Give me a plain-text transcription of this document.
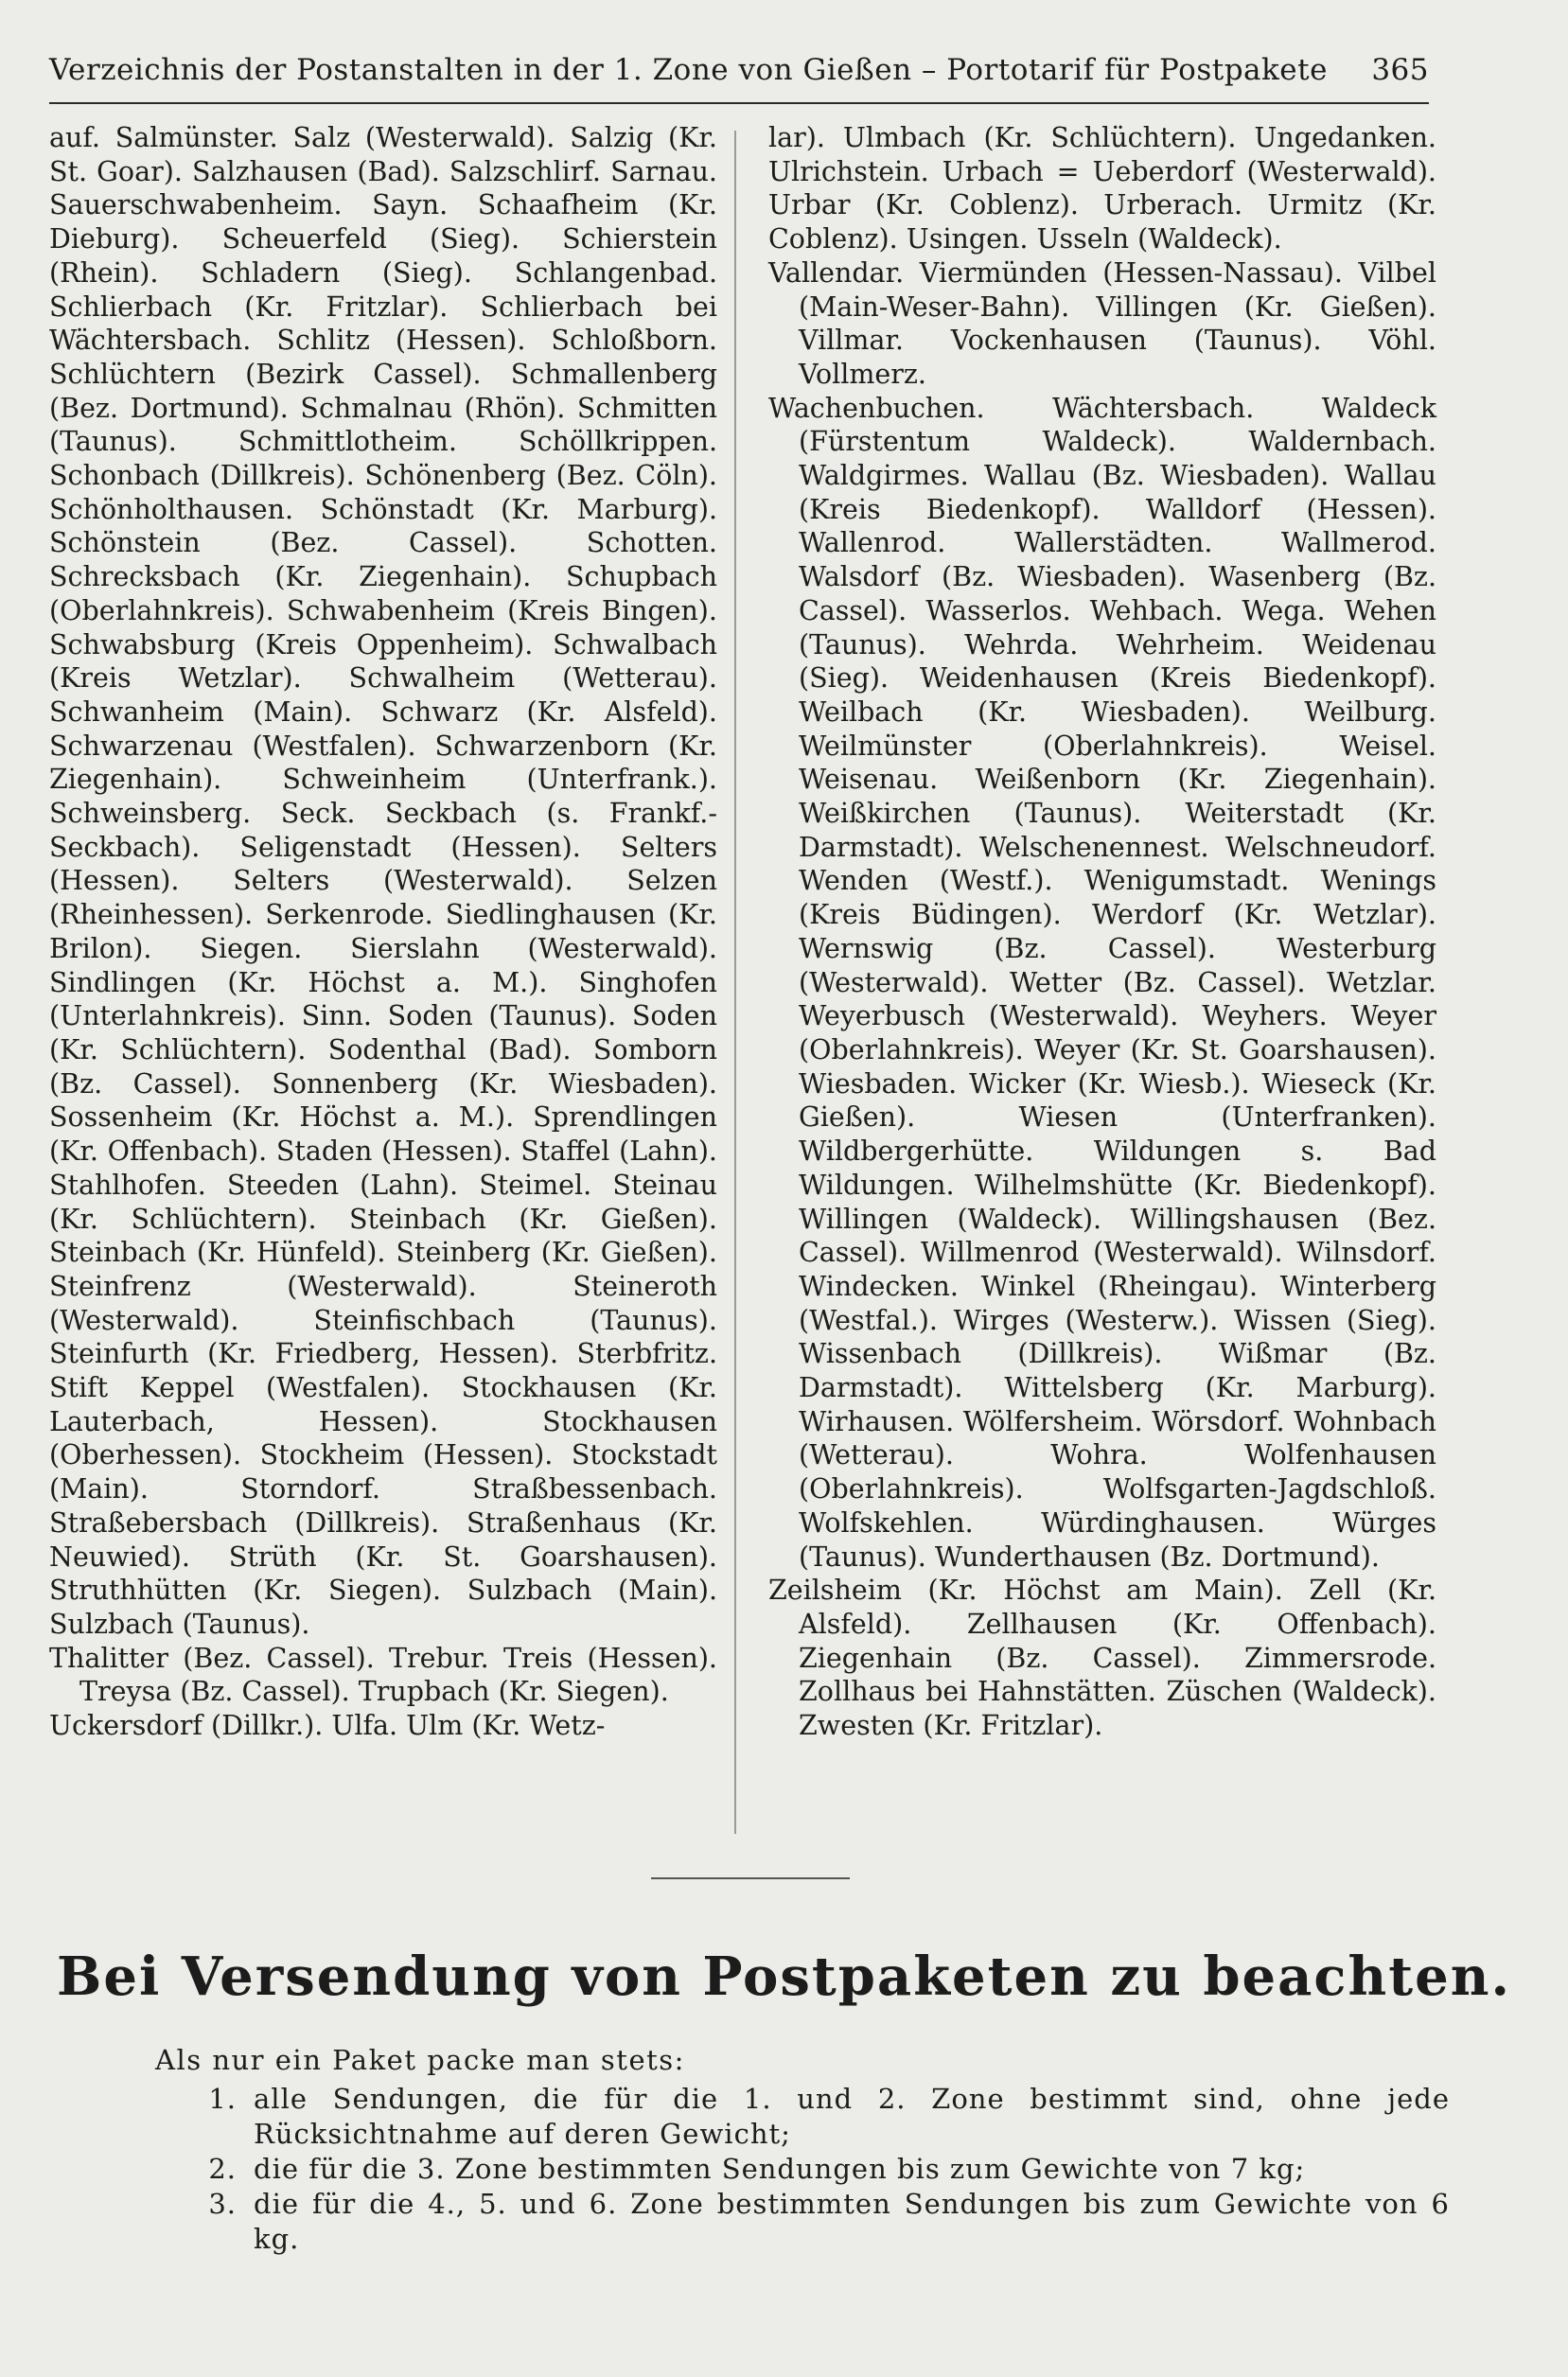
Verzeichnis der Postanstalten in der 1. Zone von Gießen – Portotarif für Postpakete 365

auf. Salmünster. Salz (Westerwald). Salzig (Kr. St. Goar). Salzhausen (Bad). Salzschlirf. Sarnau. Sauerschwabenheim. Sayn. Schaafheim (Kr. Dieburg). Scheuerfeld (Sieg). Schierstein (Rhein). Schladern (Sieg). Schlangenbad. Schlierbach (Kr. Fritzlar). Schlierbach bei Wächtersbach. Schlitz (Hessen). Schloßborn. Schlüchtern (Bezirk Cassel). Schmallenberg (Bez. Dortmund). Schmalnau (Rhön). Schmitten (Taunus). Schmittlotheim. Schöllkrippen. Schonbach (Dillkreis). Schönenberg (Bez. Cöln). Schönholthausen. Schönstadt (Kr. Marburg). Schönstein (Bez. Cassel). Schotten. Schrecksbach (Kr. Ziegenhain). Schupbach (Oberlahnkreis). Schwabenheim (Kreis Bingen). Schwabsburg (Kreis Oppenheim). Schwalbach (Kreis Wetzlar). Schwalheim (Wetterau). Schwanheim (Main). Schwarz (Kr. Alsfeld). Schwarzenau (Westfalen). Schwarzenborn (Kr. Ziegenhain). Schweinheim (Unterfrank.). Schweinsberg. Seck. Seckbach (s. Frankf.-Seckbach). Seligenstadt (Hessen). Selters (Hessen). Selters (Westerwald). Selzen (Rheinhessen). Serkenrode. Siedlinghausen (Kr. Brilon). Siegen. Sierslahn (Westerwald). Sindlingen (Kr. Höchst a. M.). Singhofen (Unterlahnkreis). Sinn. Soden (Taunus). Soden (Kr. Schlüchtern). Sodenthal (Bad). Somborn (Bz. Cassel). Sonnenberg (Kr. Wiesbaden). Sossenheim (Kr. Höchst a. M.). Sprendlingen (Kr. Offenbach). Staden (Hessen). Staffel (Lahn). Stahlhofen. Steeden (Lahn). Steimel. Steinau (Kr. Schlüchtern). Steinbach (Kr. Gießen). Steinbach (Kr. Hünfeld). Steinberg (Kr. Gießen). Steinfrenz (Westerwald). Steineroth (Westerwald). Steinfischbach (Taunus). Steinfurth (Kr. Friedberg, Hessen). Sterbfritz. Stift Keppel (Westfalen). Stockhausen (Kr. Lauterbach, Hessen). Stockhausen (Oberhessen). Stockheim (Hessen). Stockstadt (Main). Storndorf. Straßbessenbach. Straßebersbach (Dillkreis). Straßenhaus (Kr. Neuwied). Strüth (Kr. St. Goarshausen). Struthhütten (Kr. Siegen). Sulzbach (Main). Sulzbach (Taunus).

Thalitter (Bez. Cassel). Trebur. Treis (Hessen). Treysa (Bz. Cassel). Trupbach (Kr. Siegen).

Uckersdorf (Dillkr.). Ulfa. Ulm (Kr. Wetz-

lar). Ulmbach (Kr. Schlüchtern). Ungedanken. Ulrichstein. Urbach = Ueberdorf (Westerwald). Urbar (Kr. Coblenz). Urberach. Urmitz (Kr. Coblenz). Usingen. Usseln (Waldeck).

Vallendar. Viermünden (Hessen-Nassau). Vilbel (Main-Weser-Bahn). Villingen (Kr. Gießen). Villmar. Vockenhausen (Taunus). Vöhl. Vollmerz.

Wachenbuchen. Wächtersbach. Waldeck (Fürstentum Waldeck). Waldernbach. Waldgirmes. Wallau (Bz. Wiesbaden). Wallau (Kreis Biedenkopf). Walldorf (Hessen). Wallenrod. Wallerstädten. Wallmerod. Walsdorf (Bz. Wiesbaden). Wasenberg (Bz. Cassel). Wasserlos. Wehbach. Wega. Wehen (Taunus). Wehrda. Wehrheim. Weidenau (Sieg). Weidenhausen (Kreis Biedenkopf). Weilbach (Kr. Wiesbaden). Weilburg. Weilmünster (Oberlahnkreis). Weisel. Weisenau. Weißenborn (Kr. Ziegenhain). Weißkirchen (Taunus). Weiterstadt (Kr. Darmstadt). Welschenennest. Welschneudorf. Wenden (Westf.). Wenigumstadt. Wenings (Kreis Büdingen). Werdorf (Kr. Wetzlar). Wernswig (Bz. Cassel). Westerburg (Westerwald). Wetter (Bz. Cassel). Wetzlar. Weyerbusch (Westerwald). Weyhers. Weyer (Oberlahnkreis). Weyer (Kr. St. Goarshausen). Wiesbaden. Wicker (Kr. Wiesb.). Wieseck (Kr. Gießen). Wiesen (Unterfranken). Wildbergerhütte. Wildungen s. Bad Wildungen. Wilhelmshütte (Kr. Biedenkopf). Willingen (Waldeck). Willingshausen (Bez. Cassel). Willmenrod (Westerwald). Wilnsdorf. Windecken. Winkel (Rheingau). Winterberg (Westfal.). Wirges (Westerw.). Wissen (Sieg). Wissenbach (Dillkreis). Wißmar (Bz. Darmstadt). Wittelsberg (Kr. Marburg). Wirhausen. Wölfersheim. Wörsdorf. Wohnbach (Wetterau). Wohra. Wolfenhausen (Oberlahnkreis). Wolfsgarten-Jagdschloß. Wolfskehlen. Würdinghausen. Würges (Taunus). Wunderthausen (Bz. Dortmund).

Zeilsheim (Kr. Höchst am Main). Zell (Kr. Alsfeld). Zellhausen (Kr. Offenbach). Ziegenhain (Bz. Cassel). Zimmersrode. Zollhaus bei Hahnstätten. Züschen (Waldeck). Zwesten (Kr. Fritzlar).

Bei Versendung von Postpaketen zu beachten.
Als nur ein Paket packe man stets:
1. alle Sendungen, die für die 1. und 2. Zone bestimmt sind, ohne jede Rücksichtnahme auf deren Gewicht;
2. die für die 3. Zone bestimmten Sendungen bis zum Gewichte von 7 kg;
3. die für die 4., 5. und 6. Zone bestimmten Sendungen bis zum Gewichte von 6 kg.
